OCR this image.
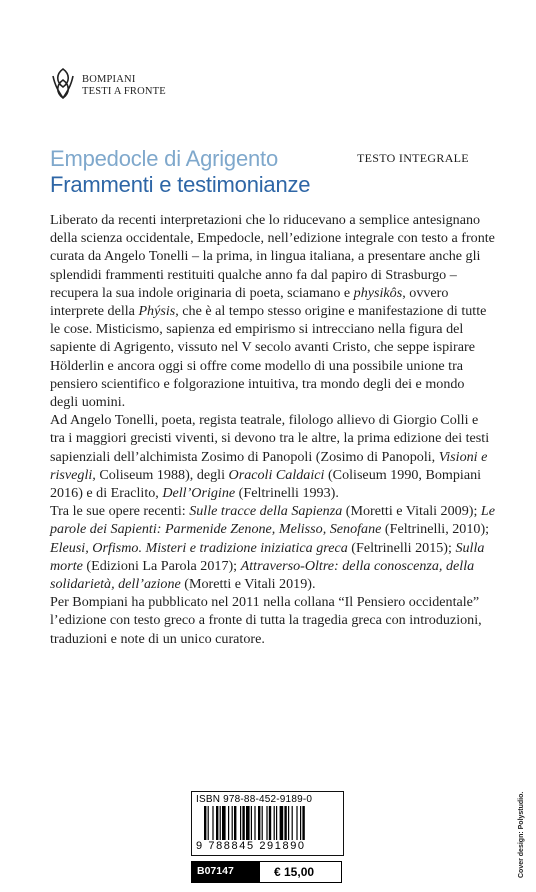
BOMPIANI
TESTI A FRONTE
Empedocle di Agrigento
Frammenti e testimonianze
TESTO INTEGRALE

Liberato da recenti interpretazioni che lo riducevano a semplice antesignano della scienza occidentale, Empedocle, nell’edizione integrale con testo a fronte curata da Angelo Tonelli – la prima, in lingua italiana, a presentare anche gli splendidi frammenti restituiti qualche anno fa dal papiro di Strasburgo – recupera la sua indole originaria di poeta, sciamano e physikôs, ovvero interprete della Phýsis, che è al tempo stesso origine e manifestazione di tutte le cose. Misticismo, sapienza ed empirismo si intrecciano nella figura del sapiente di Agrigento, vissuto nel V secolo avanti Cristo, che seppe ispirare Hölderlin e ancora oggi si offre come modello di una possibile unione tra pensiero scientifico e folgorazione intuitiva, tra mondo degli dei e mondo degli uomini.

Ad Angelo Tonelli, poeta, regista teatrale, filologo allievo di Giorgio Colli e tra i maggiori grecisti viventi, si devono tra le altre, la prima edizione dei testi sapienziali dell’alchimista Zosimo di Panopoli (Zosimo di Panopoli, Visioni e risvegli, Coliseum 1988), degli Oracoli Caldaici (Coliseum 1990, Bompiani 2016) e di Eraclito, Dell’Origine (Feltrinelli 1993).

Tra le sue opere recenti: Sulle tracce della Sapienza (Moretti e Vitali 2009); Le parole dei Sapienti: Parmenide Zenone, Melisso, Senofane (Feltrinelli, 2010); Eleusi, Orfismo. Misteri e tradizione iniziatica greca (Feltrinelli 2015); Sulla morte (Edizioni La Parola 2017); Attraverso-Oltre: della conoscenza, della solidarietà, dell’azione (Moretti e Vitali 2019).

Per Bompiani ha pubblicato nel 2011 nella collana “Il Pensiero occidentale” l’edizione con testo greco a fronte di tutta la tragedia greca con introduzioni, traduzioni e note di un unico curatore.

Cover design: Polystudio.
ISBN 978-88-452-9189-0
9 788845 291890
B07147	€ 15,00
